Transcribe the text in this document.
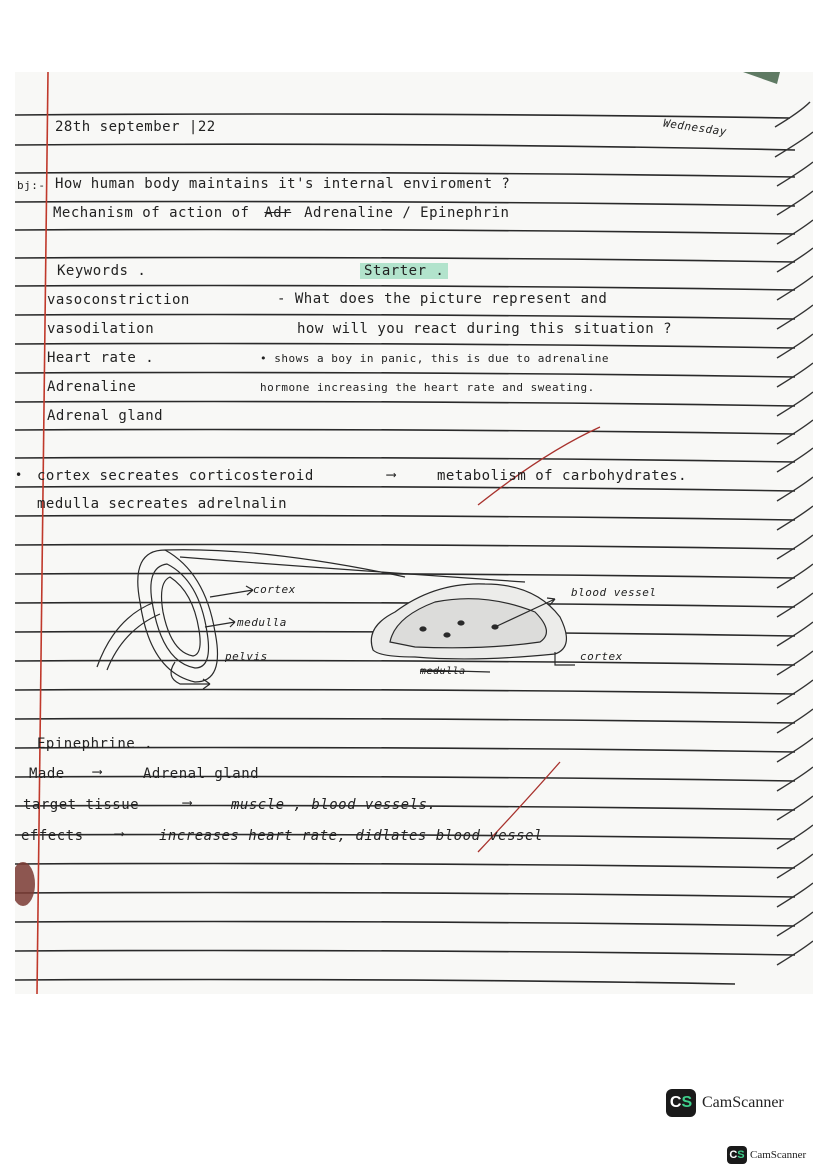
28th september |22	Wednesday
bj:- How human body maintains it's internal enviroment ?
Mechanism of action of Adr Adrenaline / Epinephrin
Keywords .	Starter .
vasoconstriction
vasodilation
Heart rate .
Adrenaline
Adrenal gland
- What does the picture represent and
how will you react during this situation ?
• shows a boy in panic, this is due to adrenaline
hormone increasing the heart rate and sweating.
• cortex secreates corticosteroid	⟶	metabolism of carbohydrates.
medulla secreates adrelnalin
cortex
medulla
pelvis
blood vessel
medulla
cortex
Epinephrine .
Made ⟶	Adrenal gland
target tissue	⟶	muscle , blood vessels.
effects ⟶	increases heart rate, didlates blood vessel
C S CamScanner
C S CamScanner
